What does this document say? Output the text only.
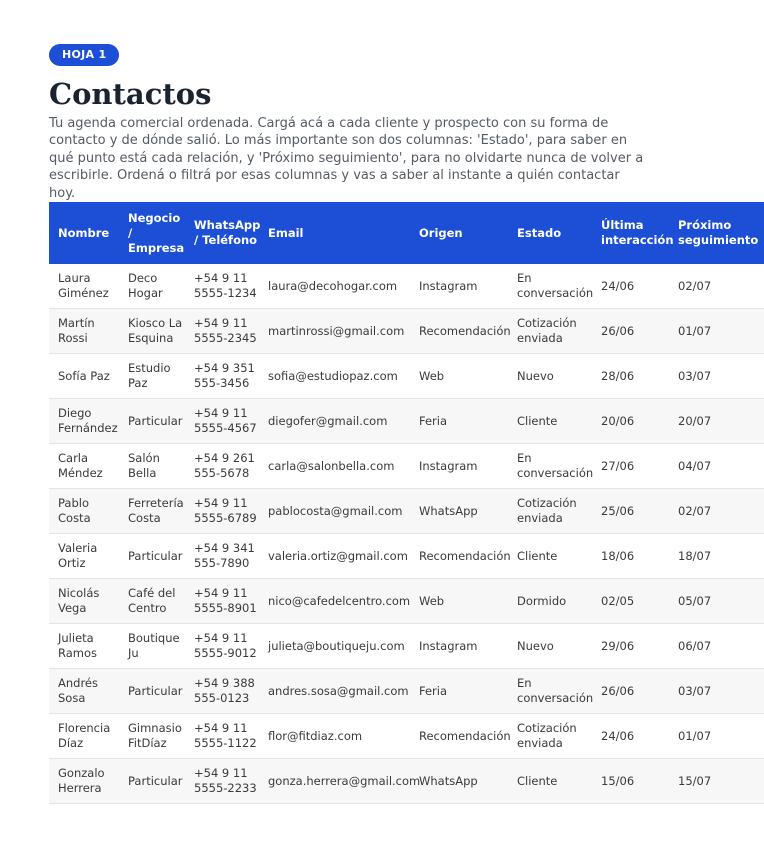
HOJA 1
Contactos

Tu agenda comercial ordenada. Cargá acá a cada cliente y prospecto con su forma de contacto y de dónde salió. Lo más importante son dos columnas: 'Estado', para saber en qué punto está cada relación, y 'Próximo seguimiento', para no olvidarte nunca de volver a escribirle. Ordená o filtrá por esas columnas y vas a saber al instante a quién contactar hoy.

Nombre	Negocio / Empresa	WhatsApp / Teléfono	Email	Origen	Estado	Última interacción	Próximo seguimiento
Laura Giménez	Deco Hogar	+54 9 11 5555-1234	laura@decohogar.com	Instagram	En conversación	24/06	02/07
Martín Rossi	Kiosco La Esquina	+54 9 11 5555-2345	martinrossi@gmail.com	Recomendación	Cotización enviada	26/06	01/07
Sofía Paz	Estudio Paz	+54 9 351 555-3456	sofia@estudiopaz.com	Web	Nuevo	28/06	03/07
Diego Fernández	Particular	+54 9 11 5555-4567	diegofer@gmail.com	Feria	Cliente	20/06	20/07
Carla Méndez	Salón Bella	+54 9 261 555-5678	carla@salonbella.com	Instagram	En conversación	27/06	04/07
Pablo Costa	Ferretería Costa	+54 9 11 5555-6789	pablocosta@gmail.com	WhatsApp	Cotización enviada	25/06	02/07
Valeria Ortiz	Particular	+54 9 341 555-7890	valeria.ortiz@gmail.com	Recomendación	Cliente	18/06	18/07
Nicolás Vega	Café del Centro	+54 9 11 5555-8901	nico@cafedelcentro.com	Web	Dormido	02/05	05/07
Julieta Ramos	Boutique Ju	+54 9 11 5555-9012	julieta@boutiqueju.com	Instagram	Nuevo	29/06	06/07
Andrés Sosa	Particular	+54 9 388 555-0123	andres.sosa@gmail.com	Feria	En conversación	26/06	03/07
Florencia Díaz	Gimnasio FitDíaz	+54 9 11 5555-1122	flor@fitdiaz.com	Recomendación	Cotización enviada	24/06	01/07
Gonzalo Herrera	Particular	+54 9 11 5555-2233	gonza.herrera@gmail.com	WhatsApp	Cliente	15/06	15/07
